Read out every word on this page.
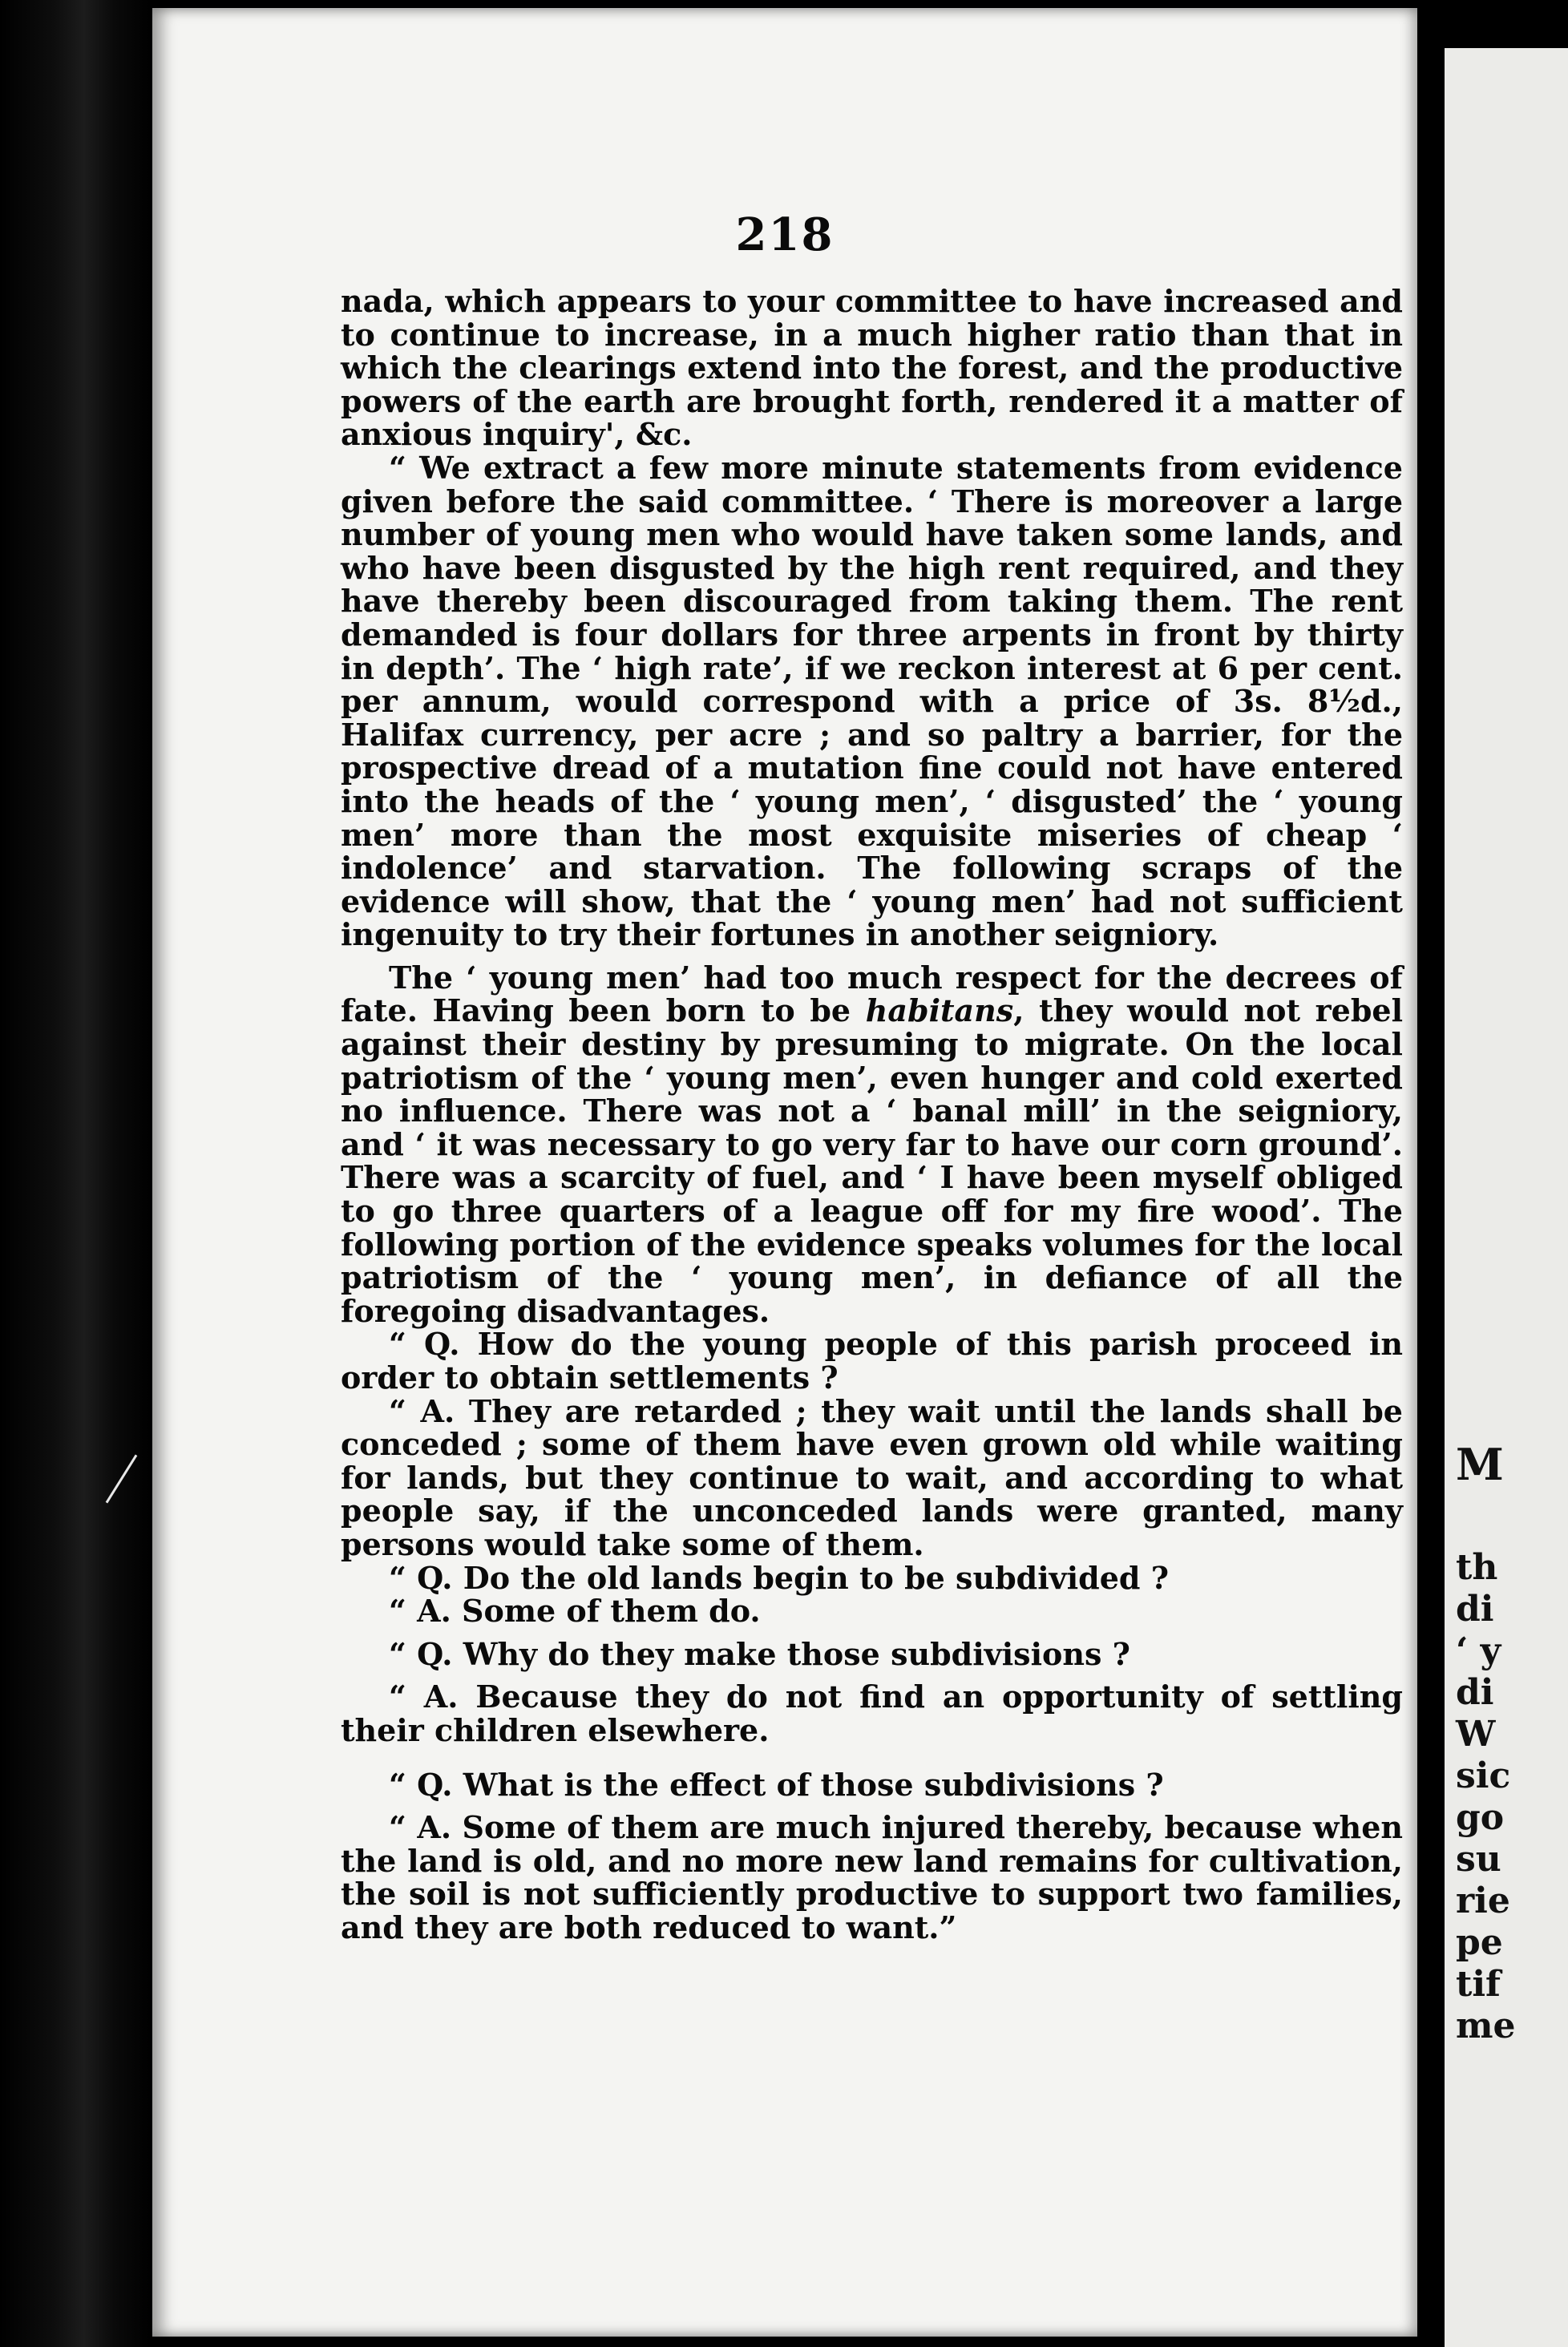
218

nada, which appears to your committee to have increased and to continue to increase, in a much higher ratio than that in which the clearings extend into the forest, and the productive powers of the earth are brought forth, rendered it a matter of anxious inquiry', &c.

“ We extract a few more minute statements from evidence given before the said committee. ‘ There is moreover a large number of young men who would have taken some lands, and who have been disgusted by the high rent required, and they have thereby been discouraged from taking them. The rent demanded is four dollars for three arpents in front by thirty in depth’. The ‘ high rate’, if we reckon interest at 6 per cent. per annum, would correspond with a price of 3s. 8½d., Halifax currency, per acre ; and so paltry a barrier, for the prospective dread of a mutation fine could not have entered into the heads of the ‘ young men’, ‘ disgusted’ the ‘ young men’ more than the most exquisite miseries of cheap ‘ indolence’ and starvation. The following scraps of the evidence will show, that the ‘ young men’ had not sufficient ingenuity to try their fortunes in another seigniory.

The ‘ young men’ had too much respect for the decrees of fate. Having been born to be habitans, they would not rebel against their destiny by presuming to migrate. On the local patriotism of the ‘ young men’, even hunger and cold exerted no influence. There was not a ‘ banal mill’ in the seigniory, and ‘ it was necessary to go very far to have our corn ground’. There was a scarcity of fuel, and ‘ I have been myself obliged to go three quarters of a league off for my fire wood’. The following portion of the evidence speaks volumes for the local patriotism of the ‘ young men’, in defiance of all the foregoing disadvantages.

“ Q. How do the young people of this parish proceed in order to obtain settlements ?

“ A. They are retarded ; they wait until the lands shall be conceded ; some of them have even grown old while waiting for lands, but they continue to wait, and according to what people say, if the unconceded lands were granted, many persons would take some of them.

“ Q. Do the old lands begin to be subdivided ?

“ A. Some of them do.

“ Q. Why do they make those subdivisions ?

“ A. Because they do not find an opportunity of settling their children elsewhere.

“ Q. What is the effect of those subdivisions ?

“ A. Some of them are much injured thereby, because when the land is old, and no more new land remains for cultivation, the soil is not sufficiently productive to support two families, and they are both reduced to want.”

M

th

di

‘ y

di

W

sic

go

su

rie

pe

tif

me
